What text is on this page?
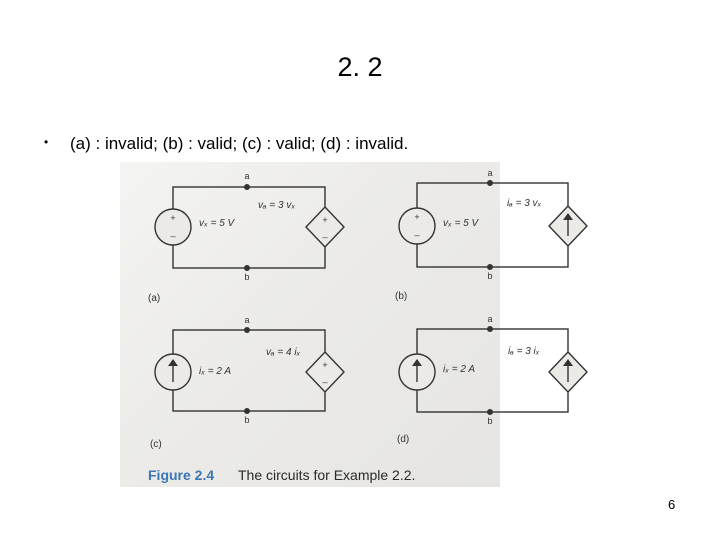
2. 2
• (a) : invalid; (b) : valid; (c) : valid; (d) : invalid.
+
–
+
–
a
b
vₓ = 5 V
vₐ = 3 vₓ
(a)
+
–
a
b
vₓ = 5 V
iₐ = 3 vₓ
(b)
+
–
a
b
iₓ = 2 A
vₐ = 4 iₓ
(c)
a
b
iₓ = 2 A
iₐ = 3 iₓ
(d)
Figure 2.4 The circuits for Example 2.2.
6
